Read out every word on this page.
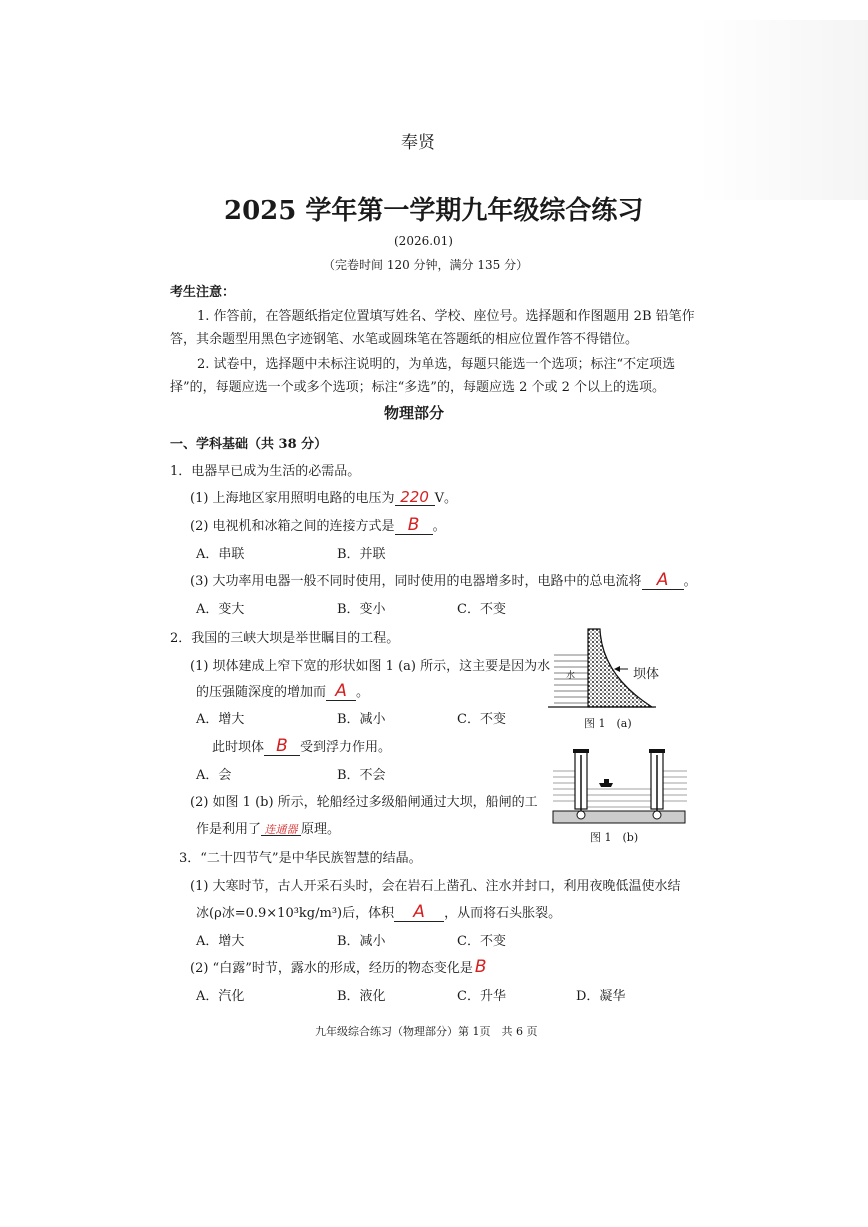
奉贤
2025 学年第一学期九年级综合练习
(2026.01)
（完卷时间 120 分钟，满分 135 分）
考生注意：
1. 作答前，在答题纸指定位置填写姓名、学校、座位号。选择题和作图题用 2B 铅笔作
答，其余题型用黑色字迹钢笔、水笔或圆珠笔在答题纸的相应位置作答不得错位。
2. 试卷中，选择题中未标注说明的，为单选，每题只能选一个选项；标注“不定项选
择”的，每题应选一个或多个选项；标注“多选”的，每题应选 2 个或 2 个以上的选项。
物理部分
一、学科基础（共 38 分）
1．电器早已成为生活的必需品。
(1) 上海地区家用照明电路的电压为 220 V。
(2) 电视机和冰箱之间的连接方式是 B 。
A．串联	B．并联
(3) 大功率用电器一般不同时使用，同时使用的电器增多时，电路中的总电流将 A 。
A．变大	B．变小	C．不变
2．我国的三峡大坝是举世瞩目的工程。
(1) 坝体建成上窄下宽的形状如图 1 (a) 所示，这主要是因为水
的压强随深度的增加而 A 。
A．增大	B．减小	C．不变
此时坝体 B 受到浮力作用。
A．会	B．不会
(2) 如图 1 (b) 所示，轮船经过多级船闸通过大坝，船闸的工
作是利用了 连通器 原理。
水	坝体
图 1　(a)
图 1　(b)
3．“二十四节气”是中华民族智慧的结晶。
(1) 大寒时节，古人开采石头时，会在岩石上凿孔、注水并封口，利用夜晚低温使水结
冰(ρ冰=0.9×10³kg/m³)后，体积 A ，从而将石头胀裂。
A．增大	B．减小	C．不变
(2) “白露”时节，露水的形成，经历的物态变化是 B
A．汽化	B．液化	C．升华	D．凝华
九年级综合练习（物理部分）第 1页　共 6 页
